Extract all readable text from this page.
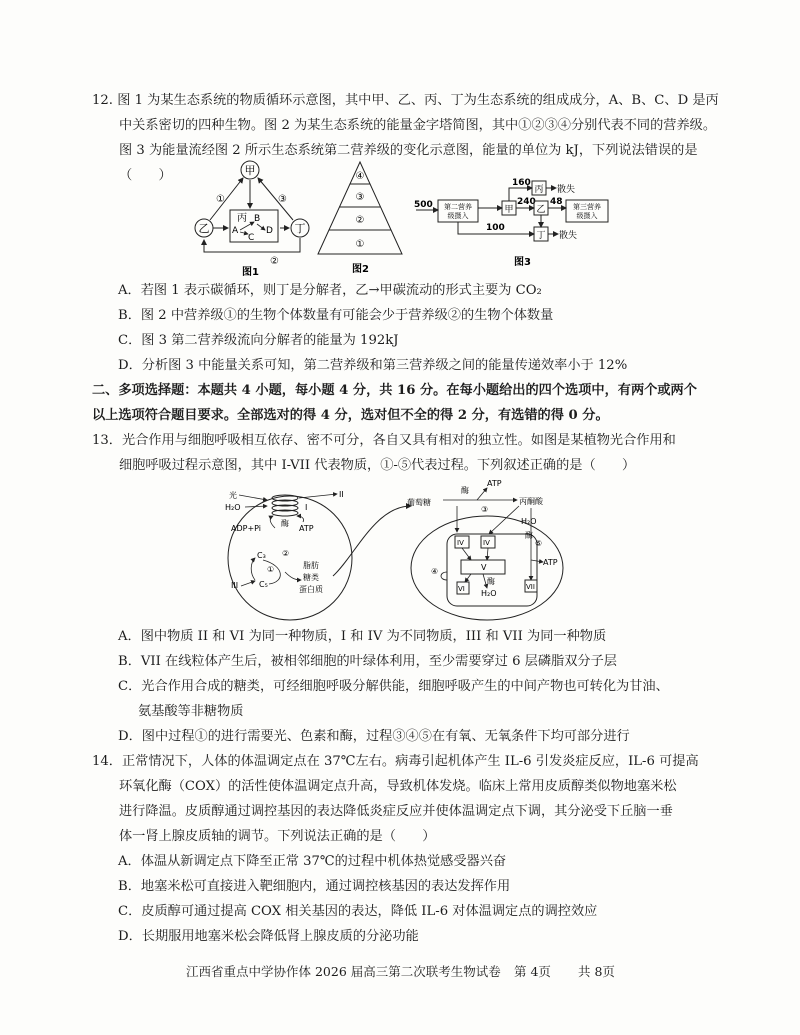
12. 图 1 为某生态系统的物质循环示意图，其中甲、乙、丙、丁为生态系统的组成成分，A、B、C、D 是丙

中关系密切的四种生物。图 2 为某生态系统的能量金字塔简图，其中①②③④分别代表不同的营养级。

图 3 为能量流经图 2 所示生态系统第二营养级的变化示意图，能量的单位为 kJ，下列说法错误的是（　　）	甲
乙	丁
丙 B
A
C
D
①	③
②
图1
④
③
②
①
图2
500 第二营养
级摄入
甲
160
丙 散失
240
乙
48 第三营养
级摄入
100
丁 散失
图3

A．若图 1 表示碳循环，则丁是分解者，乙→甲碳流动的形式主要为 CO₂

B．图 2 中营养级①的生物个体数量有可能会少于营养级②的生物个体数量

C．图 3 第二营养级流向分解者的能量为 192kJ

D．分析图 3 中能量关系可知，第二营养级和第三营养级之间的能量传递效率小于 12%

二、多项选择题：本题共 4 小题，每小题 4 分，共 16 分。在每小题给出的四个选项中，有两个或两个

以上选项符合题目要求。全部选对的得 4 分，选对但不全的得 2 分，有选错的得 0 分。

13．光合作用与细胞呼吸相互依存、密不可分，各自又具有相对的独立性。如图是某植物光合作用和

细胞呼吸过程示意图，其中 I-VII 代表物质，①-⑤代表过程。下列叙述正确的是（　　）

光
H₂O
II
酶
I
ADP+Pi	ATP
C₃ ②
①
C₅
III
脂肪
糖类
蛋白质
葡萄糖
酶
ATP
③
丙酮酸
H₂O
酶
⑤
ATP
VII
IV	IV
V
④
VI
酶
H₂O

A．图中物质 II 和 VI 为同一种物质，I 和 IV 为不同物质，III 和 VII 为同一种物质

B．VII 在线粒体产生后，被相邻细胞的叶绿体利用，至少需要穿过 6 层磷脂双分子层

C．光合作用合成的糖类，可经细胞呼吸分解供能，细胞呼吸产生的中间产物也可转化为甘油、

氨基酸等非糖物质

D．图中过程①的进行需要光、色素和酶，过程③④⑤在有氧、无氧条件下均可部分进行

14．正常情况下，人体的体温调定点在 37℃左右。病毒引起机体产生 IL-6 引发炎症反应，IL-6 可提高

环氧化酶（COX）的活性使体温调定点升高，导致机体发烧。临床上常用皮质醇类似物地塞米松

进行降温。皮质醇通过调控基因的表达降低炎症反应并使体温调定点下调，其分泌受下丘脑一垂

体一肾上腺皮质轴的调节。下列说法正确的是（　　）

A．体温从新调定点下降至正常 37℃的过程中机体热觉感受器兴奋

B．地塞米松可直接进入靶细胞内，通过调控核基因的表达发挥作用

C．皮质醇可通过提高 COX 相关基因的表达，降低 IL-6 对体温调定点的调控效应

D．长期服用地塞米松会降低肾上腺皮质的分泌功能

江西省重点中学协作体 2026 届高三第二次联考生物试卷 第 4页 共 8页
